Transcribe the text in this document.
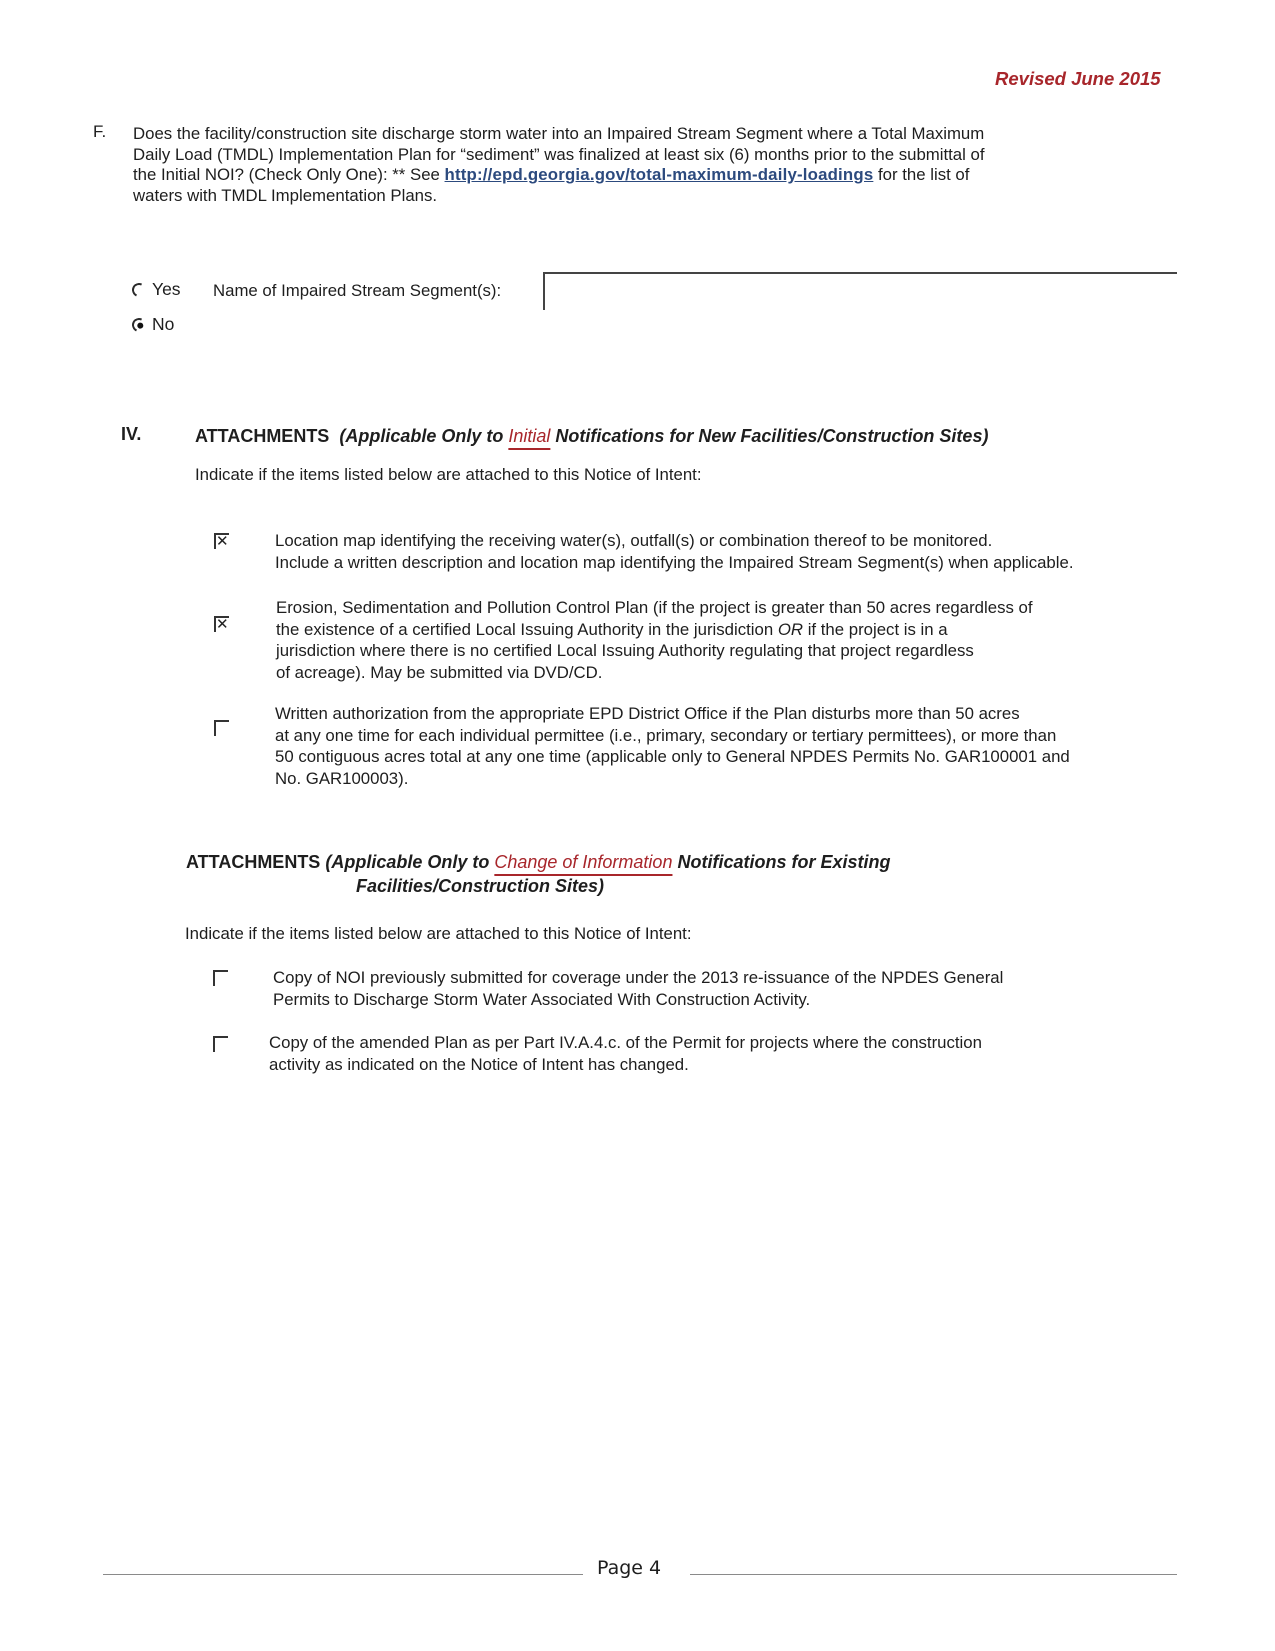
Revised June 2015
F. Does the facility/construction site discharge storm water into an Impaired Stream Segment where a Total Maximum
Daily Load (TMDL) Implementation Plan for “sediment” was finalized at least six (6) months prior to the submittal of
the Initial NOI? (Check Only One): ** See http://epd.georgia.gov/total-maximum-daily-loadings for the list of
waters with TMDL Implementation Plans.
Yes
No
Name of Impaired Stream Segment(s):
IV.	ATTACHMENTS (Applicable Only to Initial Notifications for New Facilities/Construction Sites)
Indicate if the items listed below are attached to this Notice of Intent:
✕
Location map identifying the receiving water(s), outfall(s) or combination thereof to be monitored.
Include a written description and location map identifying the Impaired Stream Segment(s) when applicable.
✕
Erosion, Sedimentation and Pollution Control Plan (if the project is greater than 50 acres regardless of
the existence of a certified Local Issuing Authority in the jurisdiction OR if the project is in a
jurisdiction where there is no certified Local Issuing Authority regulating that project regardless
of acreage). May be submitted via DVD/CD.
Written authorization from the appropriate EPD District Office if the Plan disturbs more than 50 acres
at any one time for each individual permittee (i.e., primary, secondary or tertiary permittees), or more than
50 contiguous acres total at any one time (applicable only to General NPDES Permits No. GAR100001 and
No. GAR100003).
ATTACHMENTS (Applicable Only to Change of Information Notifications for Existing
Facilities/Construction Sites)
Indicate if the items listed below are attached to this Notice of Intent:
Copy of NOI previously submitted for coverage under the 2013 re-issuance of the NPDES General
Permits to Discharge Storm Water Associated With Construction Activity.
Copy of the amended Plan as per Part IV.A.4.c. of the Permit for projects where the construction
activity as indicated on the Notice of Intent has changed.
Page 4
